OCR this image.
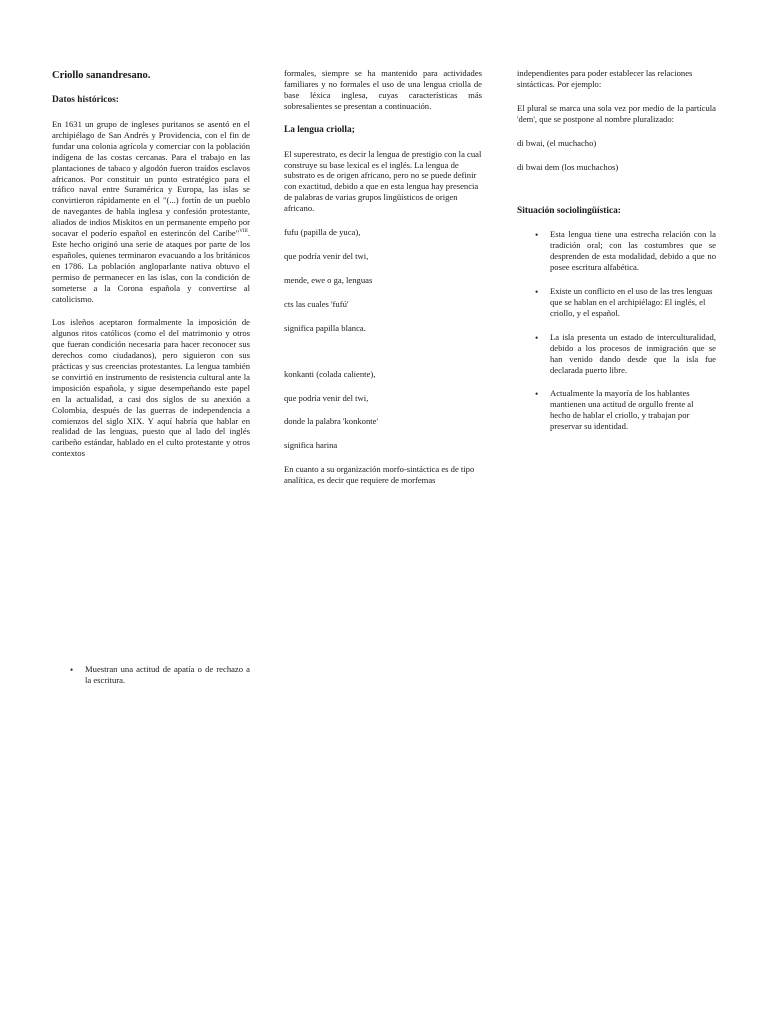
Criollo sanandresano.
Datos históricos:

En 1631 un grupo de ingleses puritanos se asentó en el archipiélago de San Andrés y Providencia, con el fin de fundar una colonia agrícola y comerciar con la población indígena de las costas cercanas. Para el trabajo en las plantaciones de tabaco y algodón fueron traídos esclavos africanos. Por constituir un punto estratégico para el tráfico naval entre Suramérica y Europa, las islas se convirtieron rápidamente en el "(...) fortín de un pueblo de navegantes de habla inglesa y confesión protestante, aliados de indios Miskitos en un permanente empeño por socavar el poderío español en esterincón del Caribe"$^{VIII}$. Este hecho originó una serie de ataques por parte de los españoles, quienes terminaron evacuando a los británicos en 1786. La población angloparlante nativa obtuvo el permiso de permanecer en las islas, con la condición de someterse a la Corona española y convertirse al catolicismo.

Los isleños aceptaron formalmente la imposición de algunos ritos católicos (como el del matrimonio y otros que fueran condición necesaria para hacer reconocer sus derechos como ciudadanos), pero siguieron con sus prácticas y sus creencias protestantes. La lengua también se convirtió en instrumento de resistencia cultural ante la imposición española, y sigue desempeñando este papel en la actualidad, a casi dos siglos de su anexión a Colombia, después de las guerras de independencia a comienzos del siglo XIX. Y aquí habría que hablar en realidad de las lenguas, puesto que al lado del inglés caribeño estándar, hablado en el culto protestante y otros contextos

• Muestran una actitud de apatía o de rechazo a la escritura.

formales, siempre se ha mantenido para actividades familiares y no formales el uso de una lengua criolla de base léxica inglesa, cuyas características más sobresalientes se presentan a continuación.

La lengua criolla;

El superestrato, es decir la lengua de prestigio con la cual construye su base lexical es el inglés. La lengua de substrato es de origen africano, pero no se puede definir con exactitud, debido a que en esta lengua hay presencia de palabras de varias grupos lingüísticos de origen africano.

fufu (papilla de yuca),

que podría venir del twi,

mende, ewe o ga, lenguas

cts las cuales 'fufú'

significa papilla blanca.

konkanti (colada caliente),

que podría venir del twi,

donde la palabra 'konkonte'

significa harina

En cuanto a su organización morfo-sintáctica es de tipo analítica, es decir que requiere de morfemas

independientes para poder establecer las relaciones sintácticas. Por ejemplo:

El plural se marca una sola vez por medio de la partícula 'dem', que se postpone al nombre pluralizado:

di bwai, (el muchacho)

di bwai dem (los muchachos)

Situación sociolingüística:
• Esta lengua tiene una estrecha relación con la tradición oral; con las costumbres que se desprenden de esta modalidad, debido a que no posee escritura alfabética.
• Existe un conflicto en el uso de las tres lenguas que se hablan en el archipiélago: El inglés, el criollo, y el español.
• La isla presenta un estado de interculturalidad, debido a los procesos de inmigración que se han venido dando desde que la isla fue declarada puerto libre.
• Actualmente la mayoría de los hablantes mantienen una actitud de orgullo frente al hecho de hablar el criollo, y trabajan por preservar su identidad.
